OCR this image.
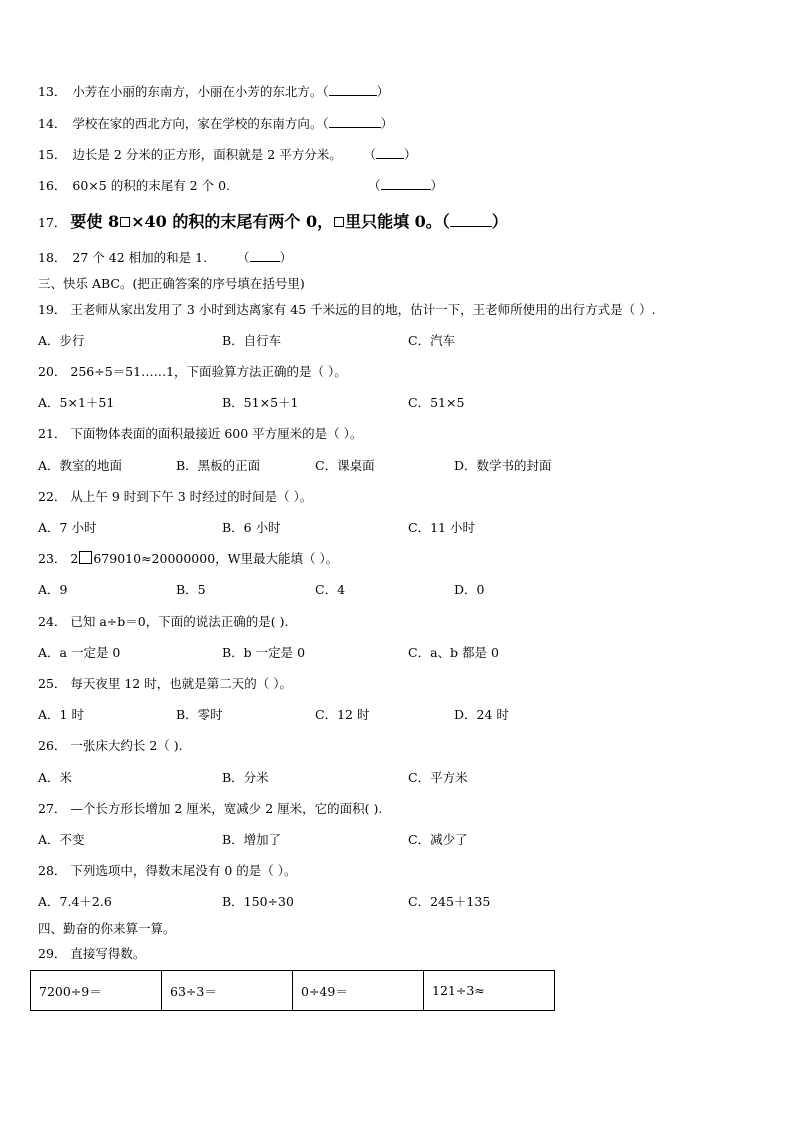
13． 小芳在小丽的东南方，小丽在小芳的东北方。（	）
14． 学校在家的西北方向，家在学校的东南方向。（	）
15． 边长是 2 分米的正方形，面积就是 2 平方分米。 （ ）
16． 60×5 的积的末尾有 2 个 0.	（	）
17． 要使 8 ×40 的积的末尾有两个 0， 里只能填 0。（	）
18． 27 个 42 相加的和是 1. （ ）
三、快乐 ABC。(把正确答案的序号填在括号里)
19． 王老师从家出发用了 3 小时到达离家有 45 千米远的目的地，估计一下，王老师所使用的出行方式是（ ）.
A．步行	B．自行车	C．汽车
20． 256÷5＝51……1，下面验算方法正确的是（ ）。
A．5×1＋51	B．51×5＋1	C．51×5
21． 下面物体表面的面积最接近 600 平方厘米的是（ ）。
A．教室的地面	B．黑板的正面	C．课桌面	D．数学书的封面
22． 从上午 9 时到下午 3 时经过的时间是（ ）。
A．7 小时	B．6 小时	C．11 小时
23． 2 679010≈20000000，W里最大能填（ ）。
A．9	B．5	C．4	D．0
24． 已知 a÷b＝0，下面的说法正确的是( ).
A．a 一定是 0	B．b 一定是 0	C．a、b 都是 0
25． 每天夜里 12 时，也就是第二天的（ ）。
A．1 时	B．零时	C．12 时	D．24 时
26． 一张床大约长 2（ ).
A．米	B．分米	C．平方米
27． —个长方形长增加 2 厘米，宽减少 2 厘米，它的面积( ).
A．不变	B．增加了	C．减少了
28． 下列选项中，得数末尾没有 0 的是（ ）。
A．7.4＋2.6	B．150÷30	C．245＋135
四、勤奋的你来算一算。
29． 直接写得数。
7200÷9＝	63÷3＝	0÷49＝	121÷3≈
